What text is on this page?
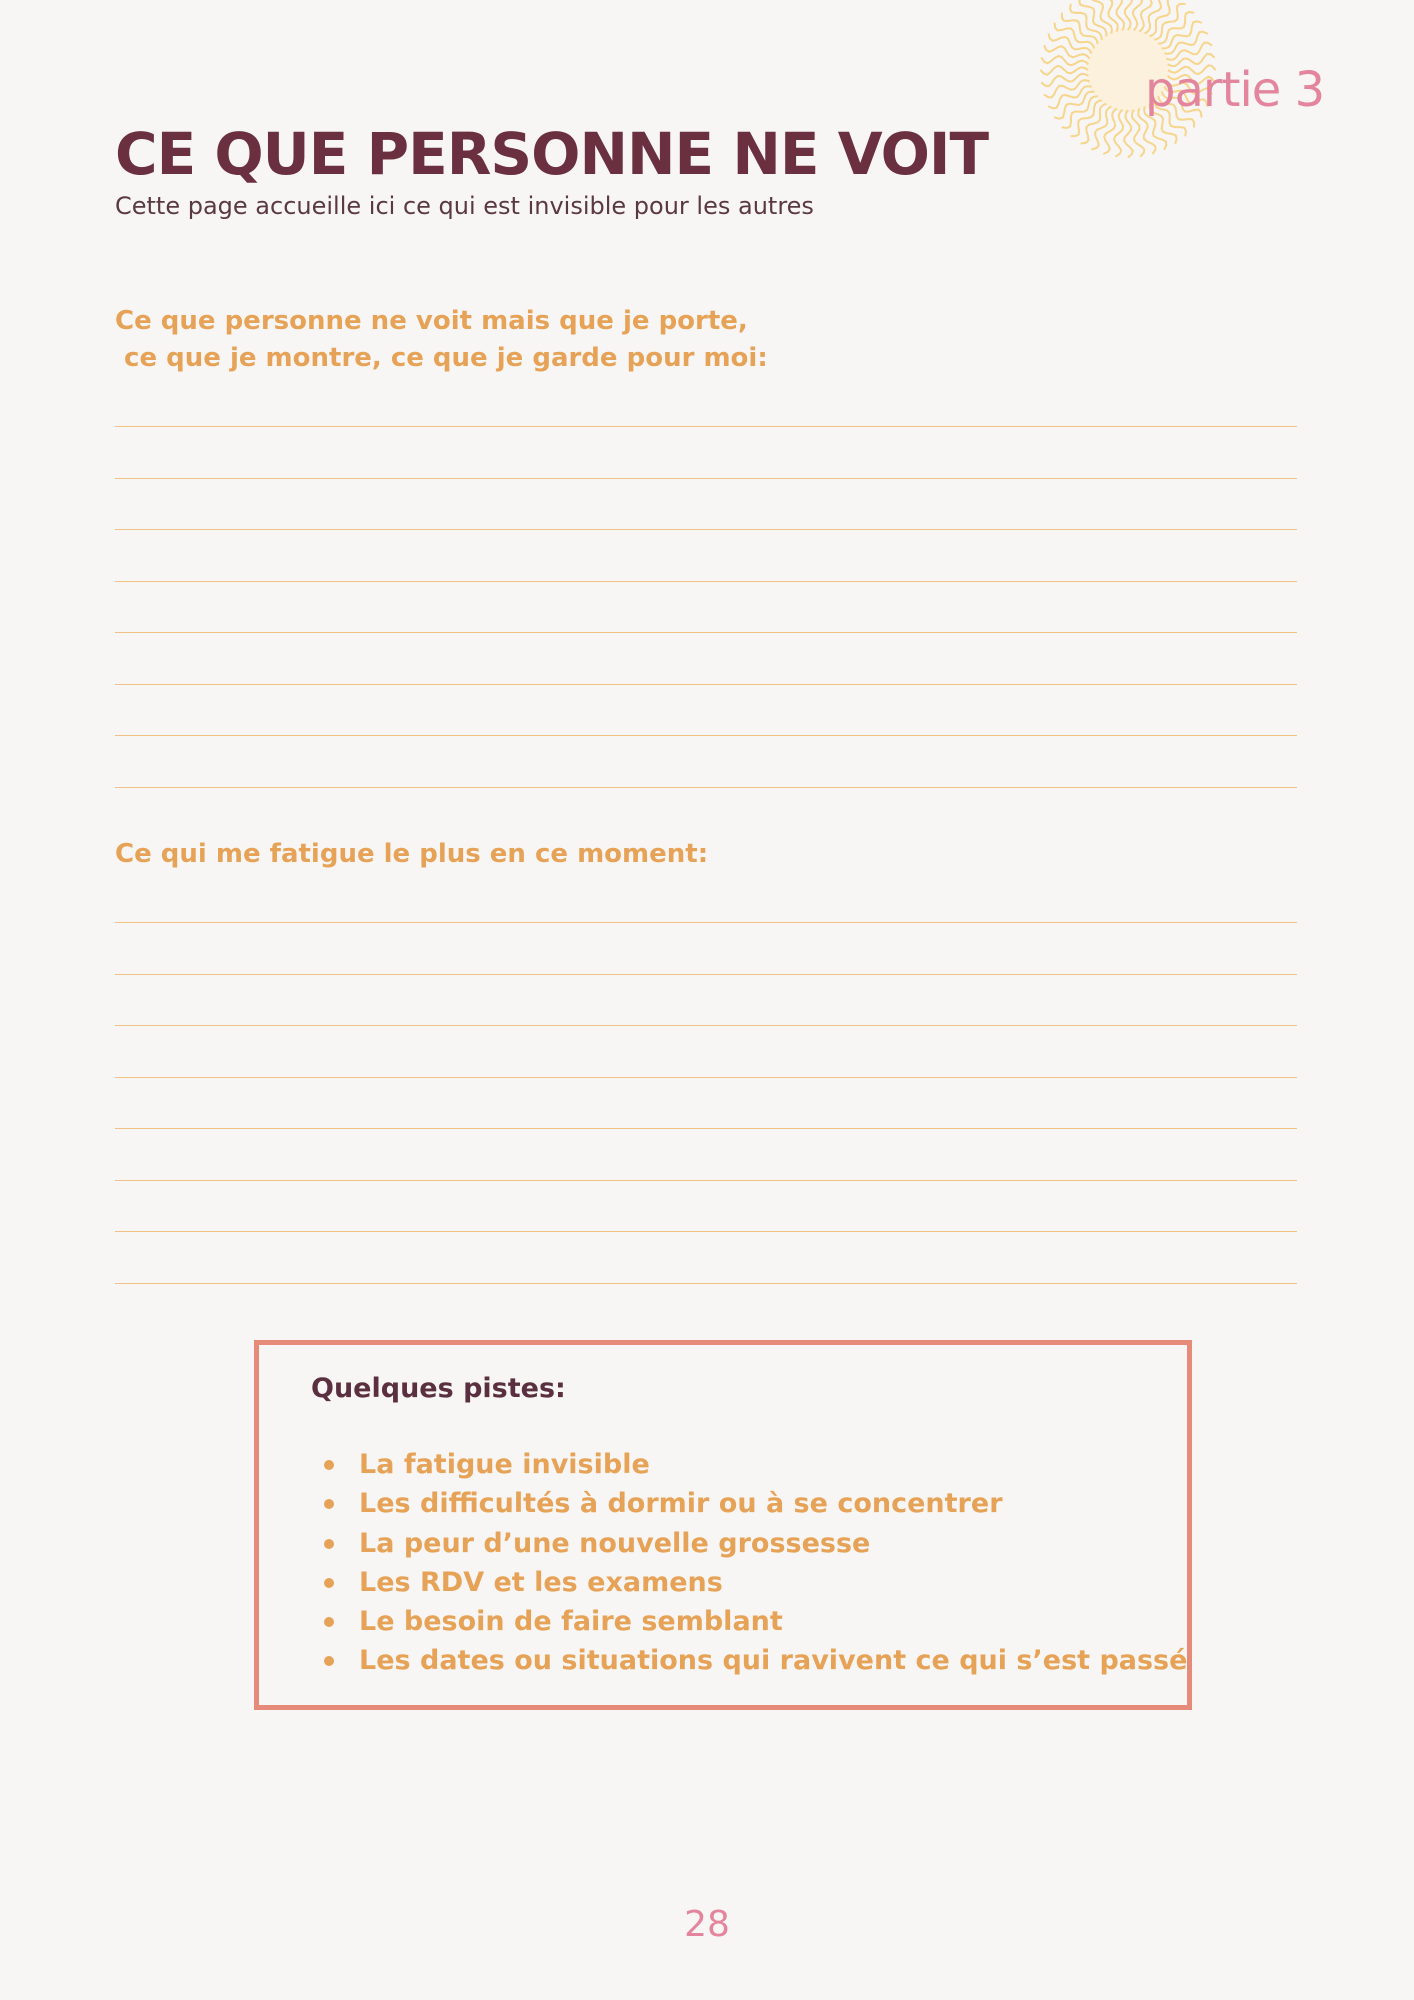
partie 3
CE QUE PERSONNE NE VOIT
Cette page accueille ici ce qui est invisible pour les autres
Ce que personne ne voit mais que je porte,
ce que je montre, ce que je garde pour moi:
Ce qui me fatigue le plus en ce moment:
Quelques pistes:
La fatigue invisible
Les difficultés à dormir ou à se concentrer
La peur d’une nouvelle grossesse
Les RDV et les examens
Le besoin de faire semblant
Les dates ou situations qui ravivent ce qui s’est passé
28
